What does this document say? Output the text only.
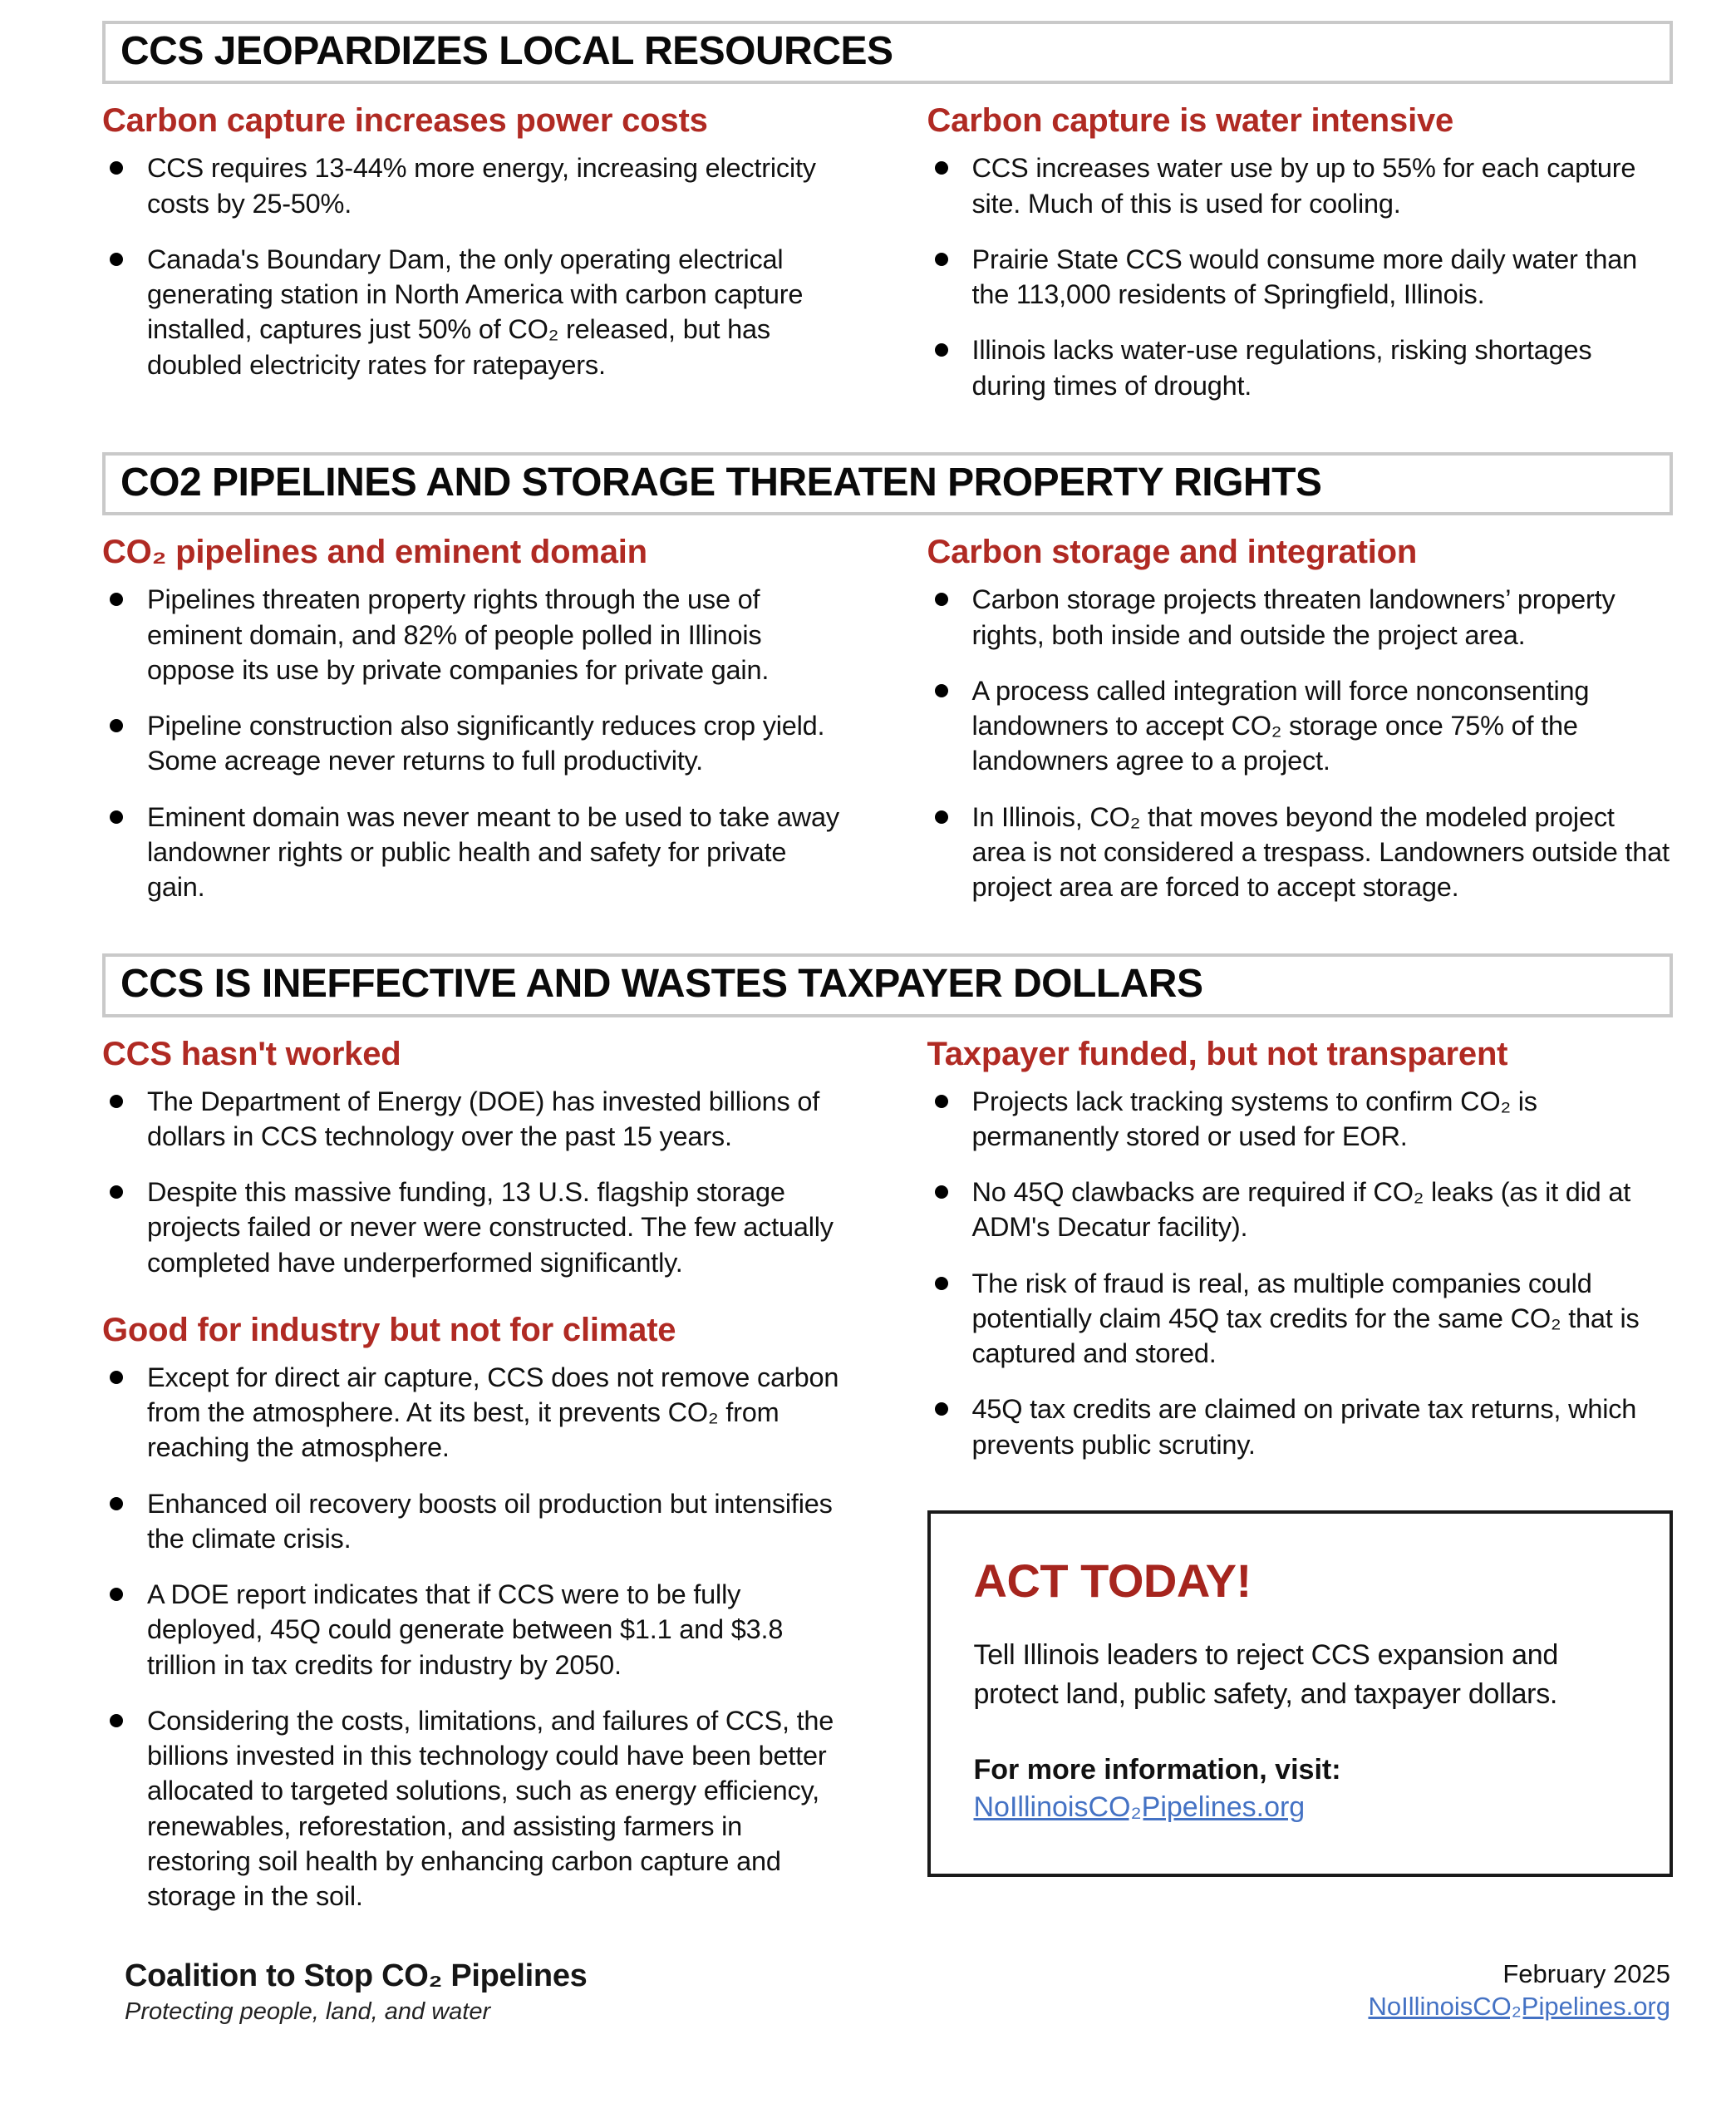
CCS JEOPARDIZES LOCAL RESOURCES
Carbon capture increases power costs
CCS requires 13-44% more energy, increasing electricity costs by 25-50%.
Canada's Boundary Dam, the only operating electrical generating station in North America with carbon capture installed, captures just 50% of CO₂ released, but has doubled electricity rates for ratepayers.
Carbon capture is water intensive
CCS increases water use by up to 55% for each capture site. Much of this is used for cooling.
Prairie State CCS would consume more daily water than the 113,000 residents of Springfield, Illinois.
Illinois lacks water-use regulations, risking shortages during times of drought.
CO2 PIPELINES AND STORAGE THREATEN PROPERTY RIGHTS
CO₂ pipelines and eminent domain
Pipelines threaten property rights through the use of eminent domain, and 82% of people polled in Illinois oppose its use by private companies for private gain.
Pipeline construction also significantly reduces crop yield. Some acreage never returns to full productivity.
Eminent domain was never meant to be used to take away landowner rights or public health and safety for private gain.
Carbon storage and integration
Carbon storage projects threaten landowners’ property rights, both inside and outside the project area.
A process called integration will force nonconsenting landowners to accept CO₂ storage once 75% of the landowners agree to a project.
In Illinois, CO₂ that moves beyond the modeled project area is not considered a trespass. Landowners outside that project area are forced to accept storage.
CCS IS INEFFECTIVE AND WASTES TAXPAYER DOLLARS
CCS hasn't worked
The Department of Energy (DOE) has invested billions of dollars in CCS technology over the past 15 years.
Despite this massive funding, 13 U.S. flagship storage projects failed or never were constructed. The few actually completed have underperformed significantly.
Good for industry but not for climate
Except for direct air capture, CCS does not remove carbon from the atmosphere. At its best, it prevents CO₂ from reaching the atmosphere.
Enhanced oil recovery boosts oil production but intensifies the climate crisis.
A DOE report indicates that if CCS were to be fully deployed, 45Q could generate between $1.1 and $3.8 trillion in tax credits for industry by 2050.
Considering the costs, limitations, and failures of CCS, the billions invested in this technology could have been better allocated to targeted solutions, such as energy efficiency, renewables, reforestation, and assisting farmers in restoring soil health by enhancing carbon capture and storage in the soil.
Taxpayer funded, but not transparent
Projects lack tracking systems to confirm CO₂ is permanently stored or used for EOR.
No 45Q clawbacks are required if CO₂ leaks (as it did at ADM's Decatur facility).
The risk of fraud is real, as multiple companies could potentially claim 45Q tax credits for the same CO₂ that is captured and stored.
45Q tax credits are claimed on private tax returns, which prevents public scrutiny.
ACT TODAY!

Tell Illinois leaders to reject CCS expansion and protect land, public safety, and taxpayer dollars.

For more information, visit:

NoIllinoisCO₂Pipelines.org
Coalition to Stop CO₂ Pipelines
Protecting people, land, and water
February 2025
NoIllinoisCO₂Pipelines.org
